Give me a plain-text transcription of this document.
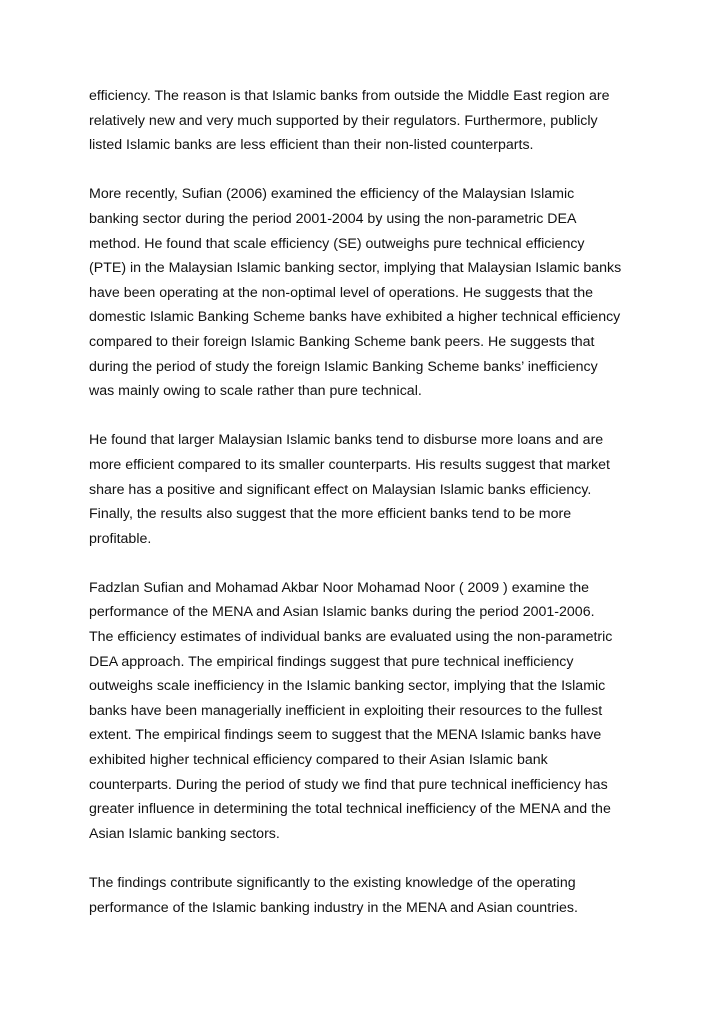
efficiency. The reason is that Islamic banks from outside the Middle East region are
relatively new and very much supported by their regulators. Furthermore, publicly
listed Islamic banks are less efficient than their non-listed counterparts.

More recently, Sufian (2006) examined the efficiency of the Malaysian Islamic
banking sector during the period 2001-2004 by using the non-parametric DEA
method. He found that scale efficiency (SE) outweighs pure technical efficiency
(PTE) in the Malaysian Islamic banking sector, implying that Malaysian Islamic banks
have been operating at the non-optimal level of operations. He suggests that the
domestic Islamic Banking Scheme banks have exhibited a higher technical efficiency
compared to their foreign Islamic Banking Scheme bank peers. He suggests that
during the period of study the foreign Islamic Banking Scheme banks’ inefficiency
was mainly owing to scale rather than pure technical.

He found that larger Malaysian Islamic banks tend to disburse more loans and are
more efficient compared to its smaller counterparts. His results suggest that market
share has a positive and significant effect on Malaysian Islamic banks efficiency.
Finally, the results also suggest that the more efficient banks tend to be more
profitable.

Fadzlan Sufian and Mohamad Akbar Noor Mohamad Noor ( 2009 ) examine the
performance of the MENA and Asian Islamic banks during the period 2001-2006.
The efficiency estimates of individual banks are evaluated using the non-parametric
DEA approach. The empirical findings suggest that pure technical inefficiency
outweighs scale inefficiency in the Islamic banking sector, implying that the Islamic
banks have been managerially inefficient in exploiting their resources to the fullest
extent. The empirical findings seem to suggest that the MENA Islamic banks have
exhibited higher technical efficiency compared to their Asian Islamic bank
counterparts. During the period of study we find that pure technical inefficiency has
greater influence in determining the total technical inefficiency of the MENA and the
Asian Islamic banking sectors.

The findings contribute significantly to the existing knowledge of the operating
performance of the Islamic banking industry in the MENA and Asian countries.
